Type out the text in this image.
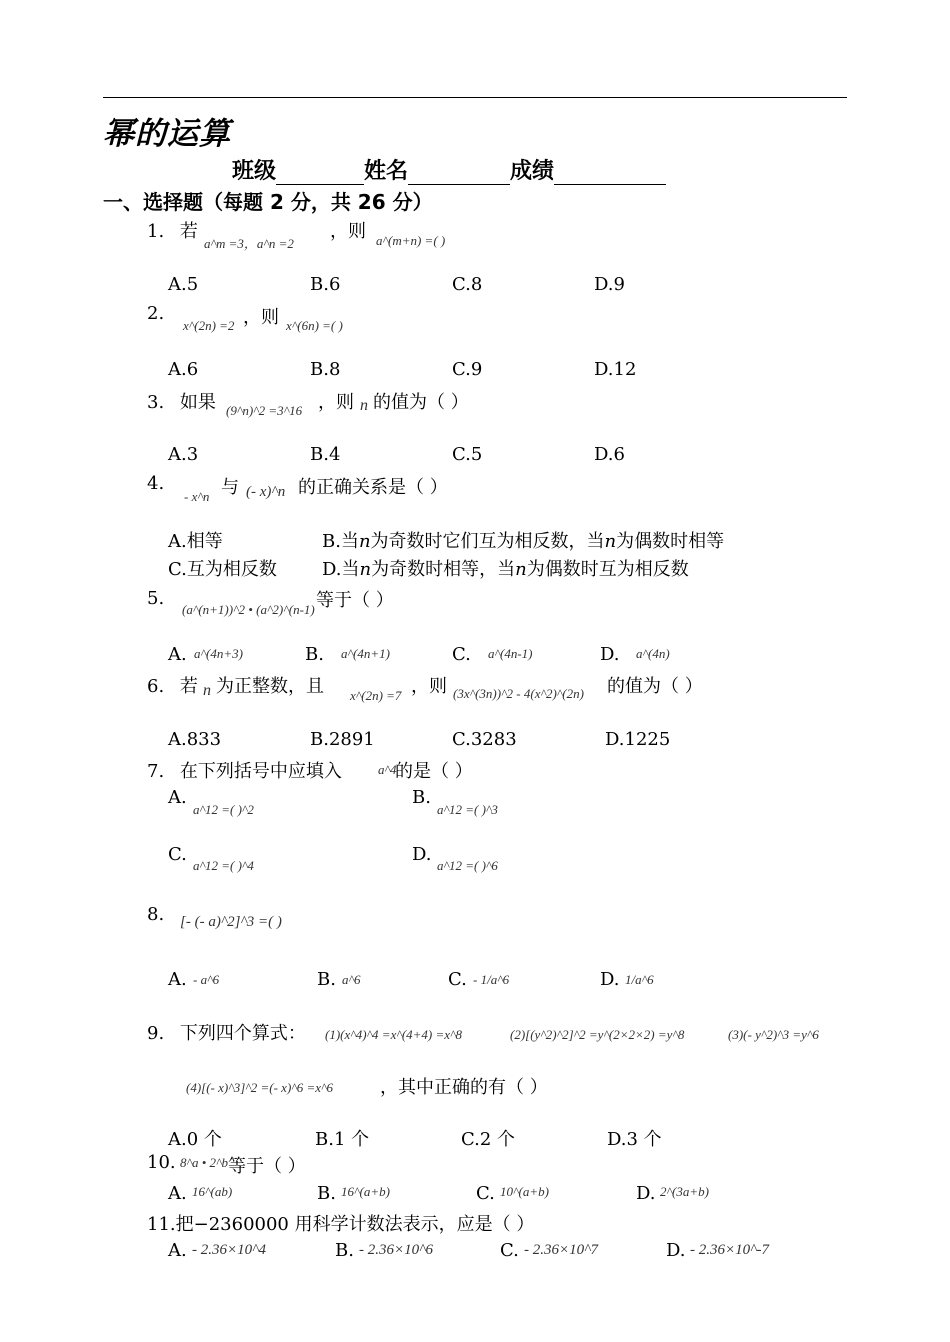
幂的运算
班级	姓名	成绩
一、选择题（每题 2 分，共 26 分）
1. 若
a^m =3，a^n =2
，则 a^(m+n) =( )
A.5	B.6	C.8	D.9
2.
x^(2n) =2 ，则 x^(6n) =( )
A.6	B.8	C.9	D.12
3. 如果 (9^n)^2 =3^16 ，则 n 的值为（ ）
A.3	B.4	C.5	D.6
4.
- x^n 与 (- x)^n 的正确关系是（ ）
A.相等	B.当n为奇数时它们互为相反数，当n为偶数时相等
C.互为相反数	D.当n为奇数时相等，当n为偶数时互为相反数
5.
(a^(n+1))^2 • (a^2)^(n-1) 等于（ ）
A. a^(4n+3)	B. a^(4n+1)	C. a^(4n-1)	D. a^(4n)
6. 若 n 为正整数，且 x^(2n) =7 ，则 (3x^(3n))^2 - 4(x^2)^(2n) 的值为（ ）
A.833	B.2891	C.3283	D.1225
7. 在下列括号中应填入	a^4
的是（ ）
A.
a^12 =( )^2
B.
a^12 =( )^3
C.
a^12 =( )^4
D.
a^12 =( )^6
8. [- (- a)^2]^3 =( )
A. - a^6	B. a^6	C. - 1/a^6	D. 1/a^6
9. 下列四个算式： (1)(x^4)^4 =x^(4+4) =x^8	(2)[(y^2)^2]^2 =y^(2×2×2) =y^8	(3)(- y^2)^3 =y^6
(4)[(- x)^3]^2 =(- x)^6 =x^6	，其中正确的有（ ）
A.0 个	B.1 个	C.2 个	D.3 个
10. 8^a • 2^b 等于（ ）
A. 16^(ab)	B. 16^(a+b)	C. 10^(a+b)	D. 2^(3a+b)
11.把−2360000 用科学计数法表示，应是（ ）
A. - 2.36×10^4	B. - 2.36×10^6	C. - 2.36×10^7	D. - 2.36×10^-7
